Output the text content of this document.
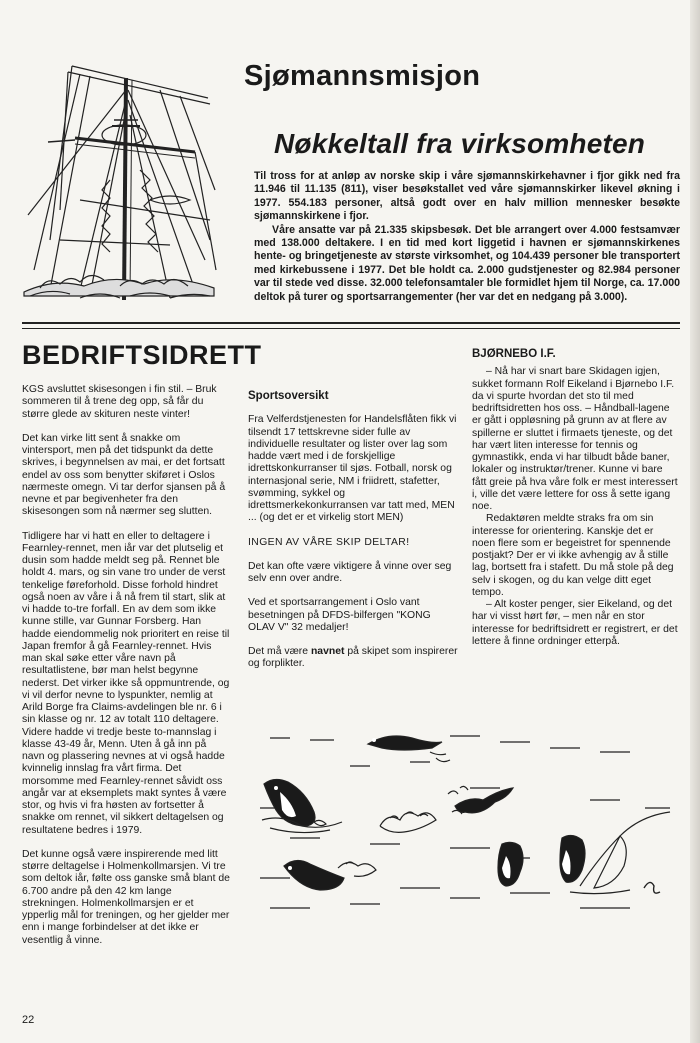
Sjømannsmisjon
Nøkkeltall fra virksomheten

Til tross for at anløp av norske skip i våre sjømannskirkehavner i fjor gikk ned fra 11.946 til 11.135 (811), viser besøkstallet ved våre sjømannskirker likevel økning i 1977. 554.183 personer, altså godt over en halv million mennesker besøkte sjømannskirkene i fjor.

Våre ansatte var på 21.335 skipsbesøk. Det ble arrangert over 4.000 festsamvær med 138.000 deltakere. I en tid med kort liggetid i havnen er sjømannskirkenes hente- og bringetjeneste av største virksomhet, og 104.439 personer ble transportert med kirkebussene i 1977. Det ble holdt ca. 2.000 gudstjenester og 82.984 personer var til stede ved disse. 32.000 telefonsamtaler ble formidlet hjem til Norge, ca. 17.000 deltok på turer og sportsarrangementer (her var det en nedgang på 3.000).

BEDRIFTSIDRETT

KGS avsluttet skisesongen i fin stil. – Bruk sommeren til å trene deg opp, så får du større glede av skituren neste vinter!

Det kan virke litt sent å snakke om vintersport, men på det tidspunkt da dette skrives, i begynnelsen av mai, er det fortsatt endel av oss som benytter skiføret i Oslos nærmeste omegn. Vi tar derfor sjansen på å nevne et par begivenheter fra den skisesongen som nå nærmer seg slutten.

Tidligere har vi hatt en eller to deltagere i Fearnley-rennet, men iår var det plutselig et dusin som hadde meldt seg på. Rennet ble holdt 4. mars, og sin vane tro under de verst tenkelige føreforhold. Disse forhold hindret også noen av våre i å nå frem til start, slik at vi hadde to-tre forfall. En av dem som ikke kunne stille, var Gunnar Forsberg. Han hadde eiendommelig nok prioritert en reise til Japan fremfor å gå Fearnley-rennet. Hvis man skal søke etter våre navn på resultatlistene, bør man helst begynne nederst. Det virker ikke så oppmuntrende, og vi vil derfor nevne to lyspunkter, nemlig at Arild Borge fra Claims-avdelingen ble nr. 6 i sin klasse og nr. 12 av totalt 110 deltagere. Videre hadde vi tredje beste to-mannslag i klasse 43-49 år, Menn. Uten å gå inn på navn og plassering nevnes at vi også hadde kvinnelig innslag fra vårt firma. Det morsomme med Fearnley-rennet såvidt oss angår var at eksemplets makt syntes å være stor, og hvis vi fra høsten av fortsetter å snakke om rennet, vil sikkert deltagelsen og resultatene bedres i 1979.

Det kunne også være inspirerende med litt større deltagelse i Holmenkollmarsjen. Vi tre som deltok iår, følte oss ganske små blant de 6.700 andre på den 42 km lange strekningen. Holmenkollmarsjen er et ypperlig mål for treningen, og her gjelder mer enn i mange forbindelser at det ikke er vesentlig å vinne.

Sportsoversikt

Fra Velferdstjenesten for Handelsflåten fikk vi tilsendt 17 tettskrevne sider fulle av individuelle resultater og lister over lag som hadde vært med i de forskjellige idrettskonkurranser til sjøs. Fotball, norsk og internasjonal serie, NM i friidrett, stafetter, svømming, sykkel og idrettsmerkekonkurransen var tatt med, MEN ... (og det er et virkelig stort MEN)

INGEN AV VÅRE SKIP DELTAR!

Det kan ofte være viktigere å vinne over seg selv enn over andre.

Ved et sportsarrangement i Oslo vant besetningen på DFDS-bilfergen "KONG OLAV V" 32 medaljer!

Det må være navnet på skipet som inspirerer og forplikter.

BJØRNEBO I.F.

– Nå har vi snart bare Skidagen igjen, sukket formann Rolf Eikeland i Bjørnebo I.F. da vi spurte hvordan det sto til med bedriftsidretten hos oss. – Håndball-lagene er gått i oppløsning på grunn av at flere av spillerne er sluttet i firmaets tjeneste, og det har vært liten interesse for tennis og gymnastikk, enda vi har tilbudt både baner, lokaler og instruktør/trener. Kunne vi bare fått greie på hva våre folk er mest interessert i, ville det være lettere for oss å sette igang noe.

Redaktøren meldte straks fra om sin interesse for orientering. Kanskje det er noen flere som er begeistret for spennende postjakt? Der er vi ikke avhengig av å stille lag, bortsett fra i stafett. Du må stole på deg selv i skogen, og du kan velge ditt eget tempo.

– Alt koster penger, sier Eikeland, og det har vi visst hørt før, – men når en stor interesse for bedriftsidrett er registrert, er det lettere å finne ordninger etterpå.

22
